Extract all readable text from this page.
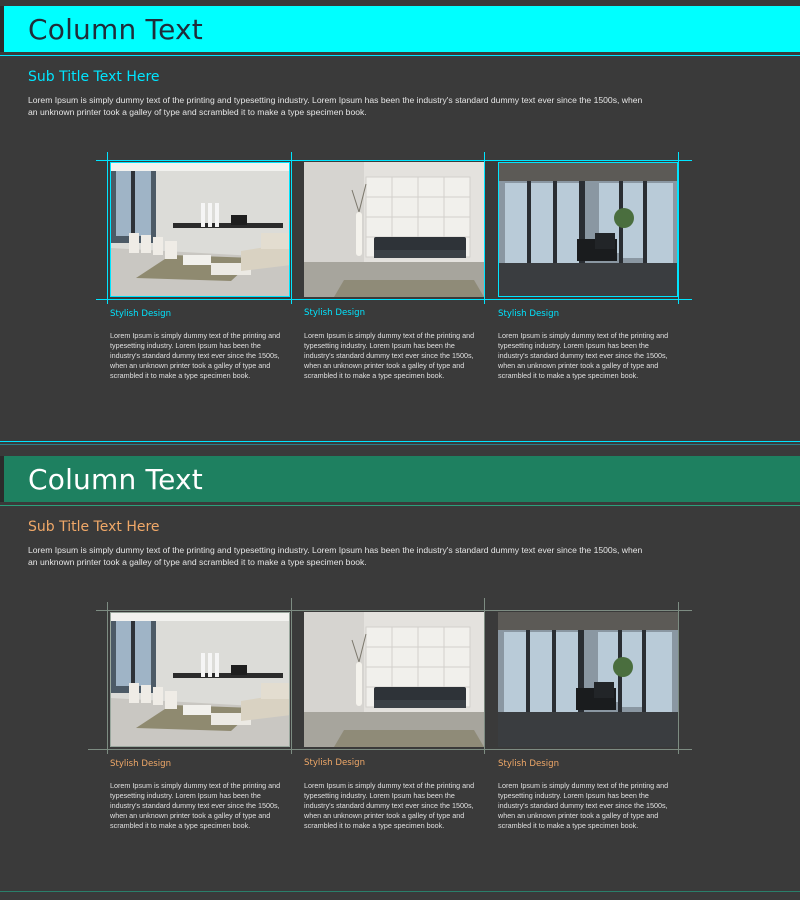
Column Text
Sub Title Text Here
Lorem Ipsum is simply dummy text of the printing and typesetting industry. Lorem Ipsum has been the industry's standard dummy text ever since the 1500s, when an unknown printer took a galley of type and scrambled it to make a type specimen book.
Stylish Design	Stylish Design	Stylish Design
Lorem Ipsum is simply dummy text of the printing and typesetting industry. Lorem Ipsum has been the industry's standard dummy text ever since the 1500s, when an unknown printer took a galley of type and scrambled it to make a type specimen book.
Lorem Ipsum is simply dummy text of the printing and typesetting industry. Lorem Ipsum has been the industry's standard dummy text ever since the 1500s, when an unknown printer took a galley of type and scrambled it to make a type specimen book.
Lorem Ipsum is simply dummy text of the printing and typesetting industry. Lorem Ipsum has been the industry's standard dummy text ever since the 1500s, when an unknown printer took a galley of type and scrambled it to make a type specimen book.
Column Text
Sub Title Text Here
Lorem Ipsum is simply dummy text of the printing and typesetting industry. Lorem Ipsum has been the industry's standard dummy text ever since the 1500s, when an unknown printer took a galley of type and scrambled it to make a type specimen book.
Stylish Design	Stylish Design	Stylish Design
Lorem Ipsum is simply dummy text of the printing and typesetting industry. Lorem Ipsum has been the industry's standard dummy text ever since the 1500s, when an unknown printer took a galley of type and scrambled it to make a type specimen book.
Lorem Ipsum is simply dummy text of the printing and typesetting industry. Lorem Ipsum has been the industry's standard dummy text ever since the 1500s, when an unknown printer took a galley of type and scrambled it to make a type specimen book.
Lorem Ipsum is simply dummy text of the printing and typesetting industry. Lorem Ipsum has been the industry's standard dummy text ever since the 1500s, when an unknown printer took a galley of type and scrambled it to make a type specimen book.
